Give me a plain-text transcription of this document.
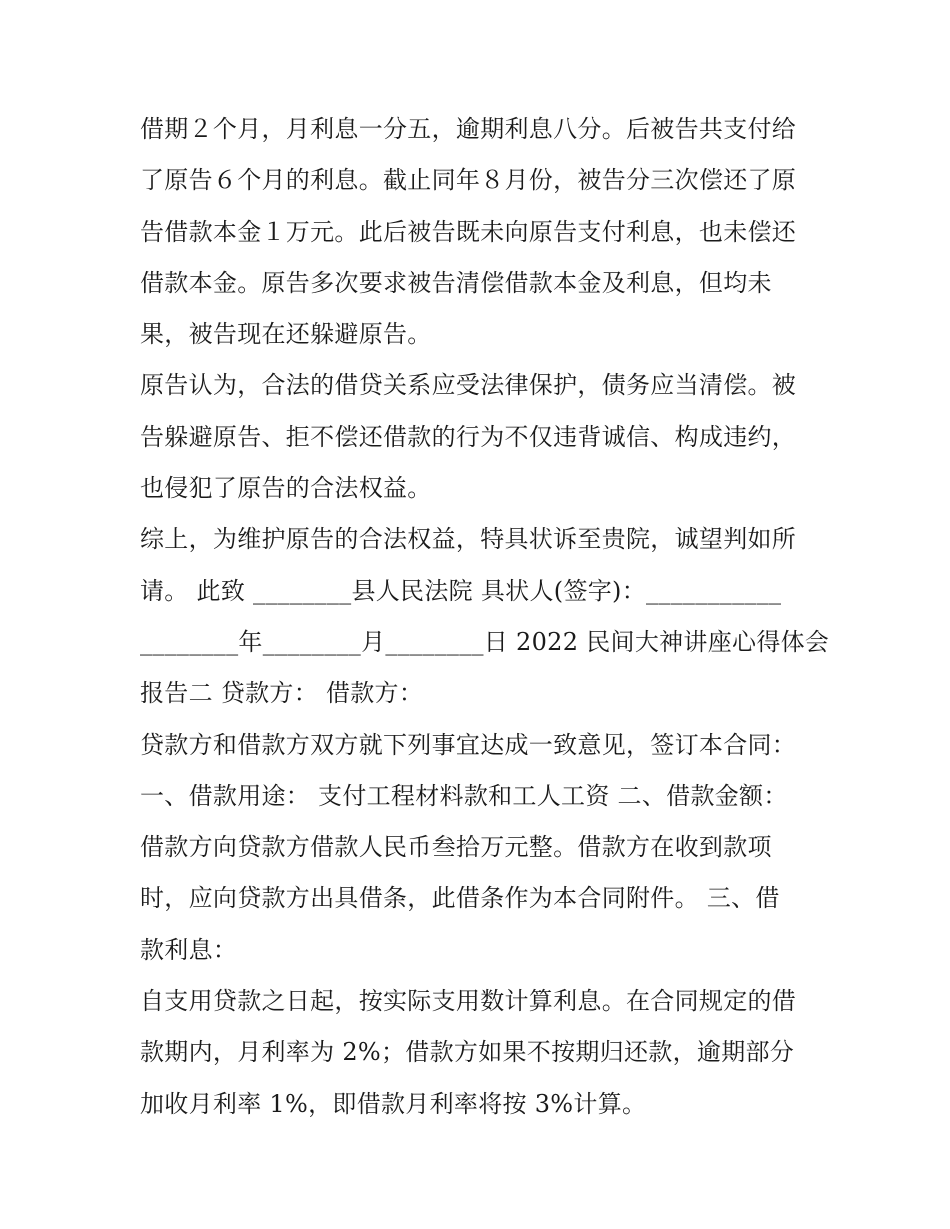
借期２个月，月利息一分五，逾期利息八分。后被告共支付给
了原告６个月的利息。截止同年８月份，被告分三次偿还了原
告借款本金１万元。此后被告既未向原告支付利息，也未偿还
借款本金。原告多次要求被告清偿借款本金及利息，但均未
果，被告现在还躲避原告。
原告认为，合法的借贷关系应受法律保护，债务应当清偿。被
告躲避原告、拒不偿还借款的行为不仅违背诚信、构成违约，
也侵犯了原告的合法权益。
综上，为维护原告的合法权益，特具状诉至贵院，诚望判如所
请。 此致 ________县人民法院 具状人(签字)：___________
________年________月________日 2022 民间大神讲座心得体会
报告二 贷款方： 借款方：
贷款方和借款方双方就下列事宜达成一致意见，签订本合同：
一、借款用途： 支付工程材料款和工人工资 二、借款金额：
借款方向贷款方借款人民币叁拾万元整。借款方在收到款项
时，应向贷款方出具借条，此借条作为本合同附件。 三、借
款利息：
自支用贷款之日起，按实际支用数计算利息。在合同规定的借
款期内，月利率为 2%；借款方如果不按期归还款，逾期部分
加收月利率 1%，即借款月利率将按 3%计算。
